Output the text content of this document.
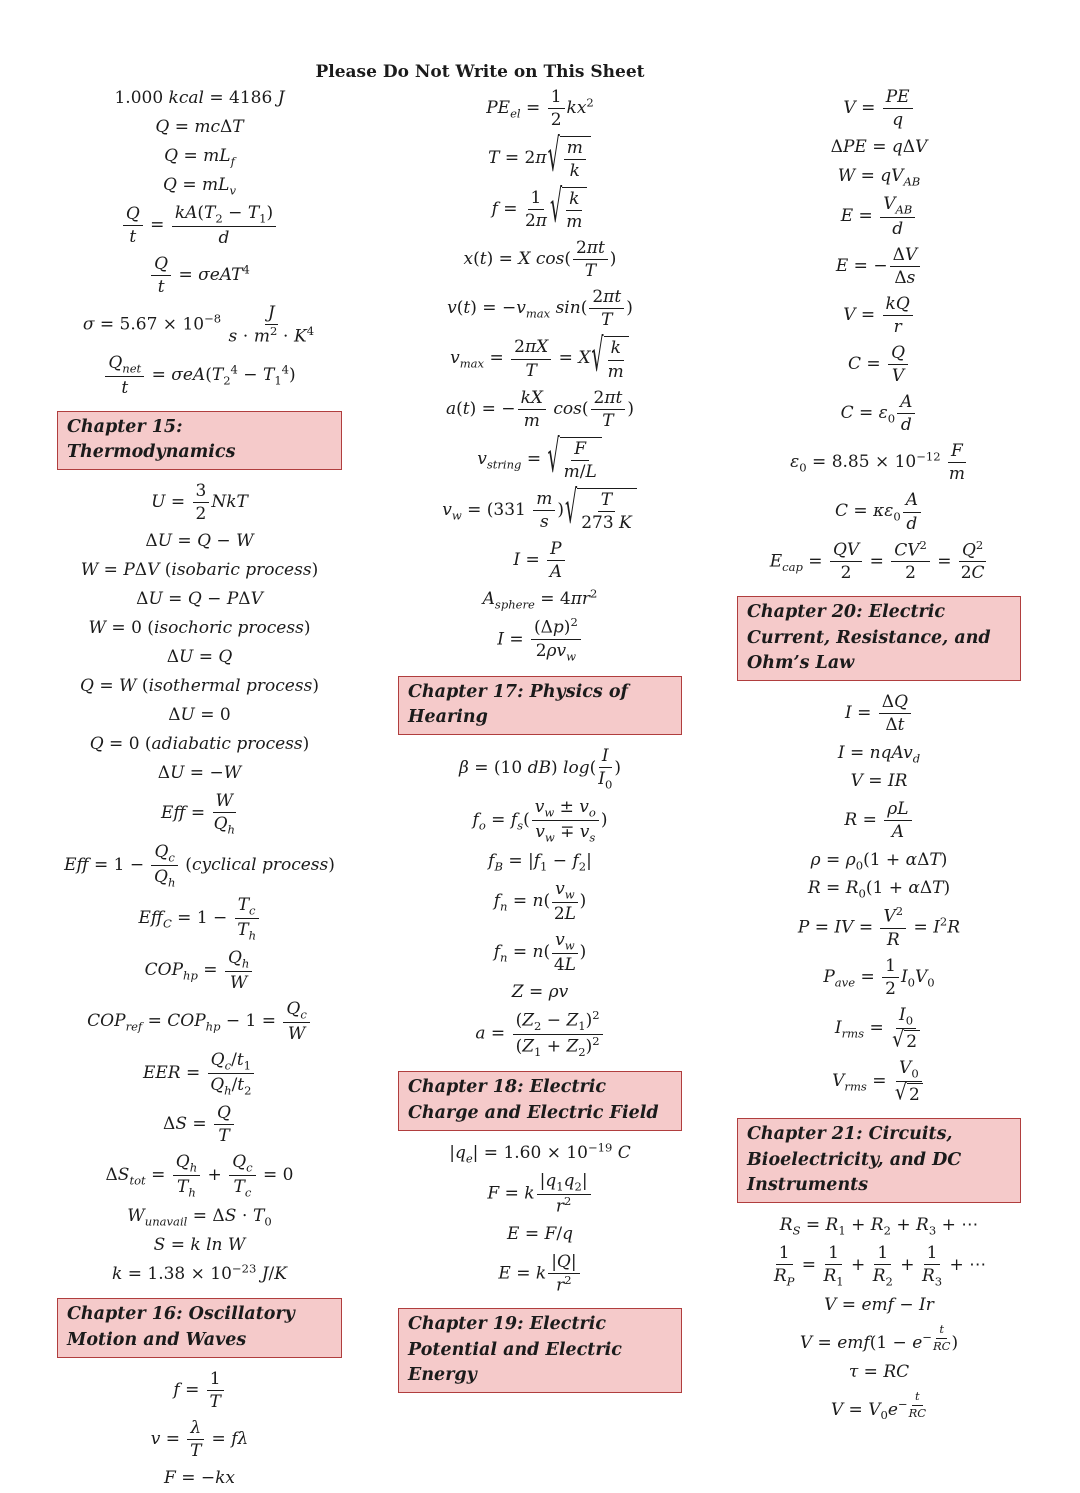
Please Do Not Write on This Sheet
1.000 kcal = 4186 J
Q = mcΔT
$Q = mL_f$
$Q = mL_v$
$\frac{Q}{t} = \frac{kA(T_2 - T_1)}{d}$
$\frac{Q}{t} = \sigma eAT^4$
$\sigma = 5.67 \times 10^{-8} \frac{J}{s \cdot m^2 \cdot K^4}$
$\frac{Q_{net}}{t} = \sigma eA(T_2^4 - T_1^4)$
Chapter 15: Thermodynamics
$U = \frac{3}{2}$ NkT
ΔU = Q − W
W = PΔV (isobaric process)
ΔU = Q − PΔV
W = 0 (isochoric process)
ΔU = Q
Q = W (isothermal process)
ΔU = 0
Q = 0 (adiabatic process)
ΔU = −W
Eff = $\frac{W}{Q_h}$
Eff = $1 - \frac{Q_c}{Q_h}$ (cyclical process)
$Eff_C = 1 - \frac{T_c}{T_h}$
$COP_{hp} = \frac{Q_h}{W}$
$COP_{ref} = COP_{hp} - 1 = \frac{Q_c}{W}$
EER = $\frac{Q_c/t_1}{Q_h/t_2}$
$\Delta S = \frac{Q}{T}$
$\Delta S_{tot} = \frac{Q_h}{T_h} + \frac{Q_c}{T_c} = 0$
$W_{unavail} = \Delta S \cdot T_0$
S = k ln W
$k = 1.38 \times 10^{-23}$ J/K
Chapter 16: Oscillatory Motion and Waves
$f = \frac{1}{T}$
$v = \frac{\lambda}{T} = f\lambda$
F = −kx
$PE_{el} = \frac{1}{2} kx^2$
T = 2π √ $\frac{m}{k}$
$f = \frac{1}{2\pi}$ √ $\frac{k}{m}$
x(t) = X $\cos( \frac{2\pi t}{T}$ )
$v(t) = -v_{max}$ $\sin( \frac{2\pi t}{T}$ )
$v_{max} = \frac{2\pi X}{T} = X$ √ $\frac{k}{m}$
a(t) = − $\frac{kX}{m} \cos( \frac{2\pi t}{T}$ )
$v_{string}$ = √ $\frac{F}{m/L}$
$v_w = (331 \frac{m}{s}$ ) √ $\frac{T}{273 K}$
$I = \frac{P}{A}$
$A_{sphere} = 4\pi r^2$
$I = \frac{(\Delta p)^2}{2\rho v_w}$
Chapter 17: Physics of Hearing
β = (10 dB) $\log( \frac{I}{I_0}$ )
$f_o = f_s( \frac{v_w \pm v_o}{v_w \mp v_s}$ )
$f_B = |f_1 - f_2|$
$f_n = n( \frac{v_w}{2L}$ )
$f_n = n( \frac{v_w}{4L}$ )
Z = ρv
$a = \frac{(Z_2 - Z_1)^2}{(Z_1 + Z_2)^2}$
Chapter 18: Electric Charge and Electric Field
$|q_e| = 1.60 \times 10^{-19}$ C
F = k $\frac{|q_1q_2|}{r^2}$
E = F/q
E = k $\frac{|Q|}{r^2}$
Chapter 19: Electric Potential and Electric Energy
$V = \frac{PE}{q}$
ΔPE = qΔV
$W = qV_{AB}$
$E = \frac{V_{AB}}{d}$
E = − $\frac{\Delta V}{\Delta s}$
$V = \frac{kQ}{r}$
$C = \frac{Q}{V}$
$C = \varepsilon_0 \frac{A}{d}$
$\varepsilon_0 = 8.85 \times 10^{-12} \frac{F}{m}$
$C = \kappa\varepsilon_0 \frac{A}{d}$
$E_{cap} = \frac{QV}{2} = \frac{CV^2}{2} = \frac{Q^2}{2C}$
Chapter 20: Electric Current, Resistance, and Ohm’s Law
$I = \frac{\Delta Q}{\Delta t}$
I = nqAv$_d$
V = IR
$R = \frac{\rho L}{A}$
$\rho = \rho_0(1 + \alpha\Delta T)$
$R = R_0(1 + \alpha\Delta T)$
P = IV = $\frac{V^2}{R} = I^2R$
$P_{ave} = \frac{1}{2} I_0V_0$
$I_{rms} = \frac{I_0}{√ 2}$
$V_{rms} = \frac{V_0}{√ 2}$
Chapter 21: Circuits, Bioelectricity, and DC Instruments
$R_S = R_1 + R_2 + R_3$ + ⋯
$\frac{1}{R_P} = \frac{1}{R_1} + \frac{1}{R_2} + \frac{1}{R_3}$ + ⋯
V = emf − Ir
$V = emf(1 - e^{- \frac{t}{RC}}$ )
τ = RC
$V = V_0e^{- \frac{t}{RC}}$
